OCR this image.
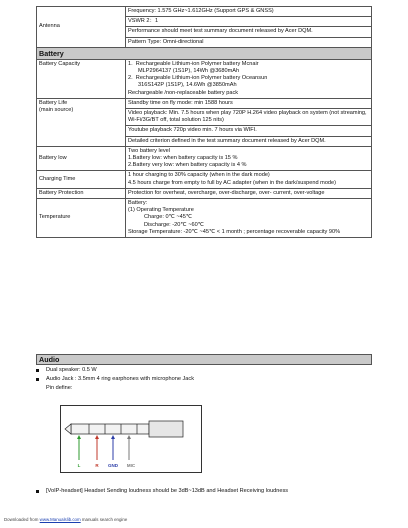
Antenna	Frequency: 1.575 GHz~1.612GHz (Support GPS & GNSS)
	VSWR 2：1
	Performance should meet test summary document released by Acer DQM.
	Pattern Type: Omni-directional
Battery	
Battery Capacity	1. Rechargeable Lithium-ion Polymer battery Mcnair
MLP2964137 (1S1P), 14Wh @3680mAh
2. Rechargeable Lithium-ion Polymer battery Oceansun
316S142P (1S1P), 14.6Wh @3850mAh
Rechargeable /non-replaceable battery pack

Battery Life
(main source)	Standby time on fly mode: min 1588 hours
	Video playback: Min. 7.5 hours when play 720P H.264 video playback on system (not streaming, Wi-Fi/3G/BT off, total solution 125 nits)
	Youtube playback 720p video min. 7 hours via WIFI.
	Detailed criterion defined in the test summary document released by Acer DQM.
Battery low	Two battery level
1.Battery low: when battery capacity is 15 %
2.Battery very low: when battery capacity is 4 %

Charging Time	1 hour charging to 30% capacity (when in the dark mode)
4.5 hours charge from empty to full by AC adapter (when in the dark/suspend mode)

Battery Protection	Protection for overheat, overcharge, over-discharge, over- current, over-voltage
Temperature	Battery:
(1) Operating Temperature
Charge: 0℃ ~45℃
Discharge: -20℃ ~60℃
Storage Temperature: -20℃ ~45℃ < 1 month ; percentage recoverable capacity 90%
Audio
Dual speaker: 0.5 W
Audio Jack : 3.5mm 4 ring earphones with microphone Jack
Pin define:
L	R GND MIC
[VoIP-headset] Headset Sending loudness should be 3dB~13dB and Headset Receiving loudness
Downloaded from www.Manualslib.com manuals search engine
